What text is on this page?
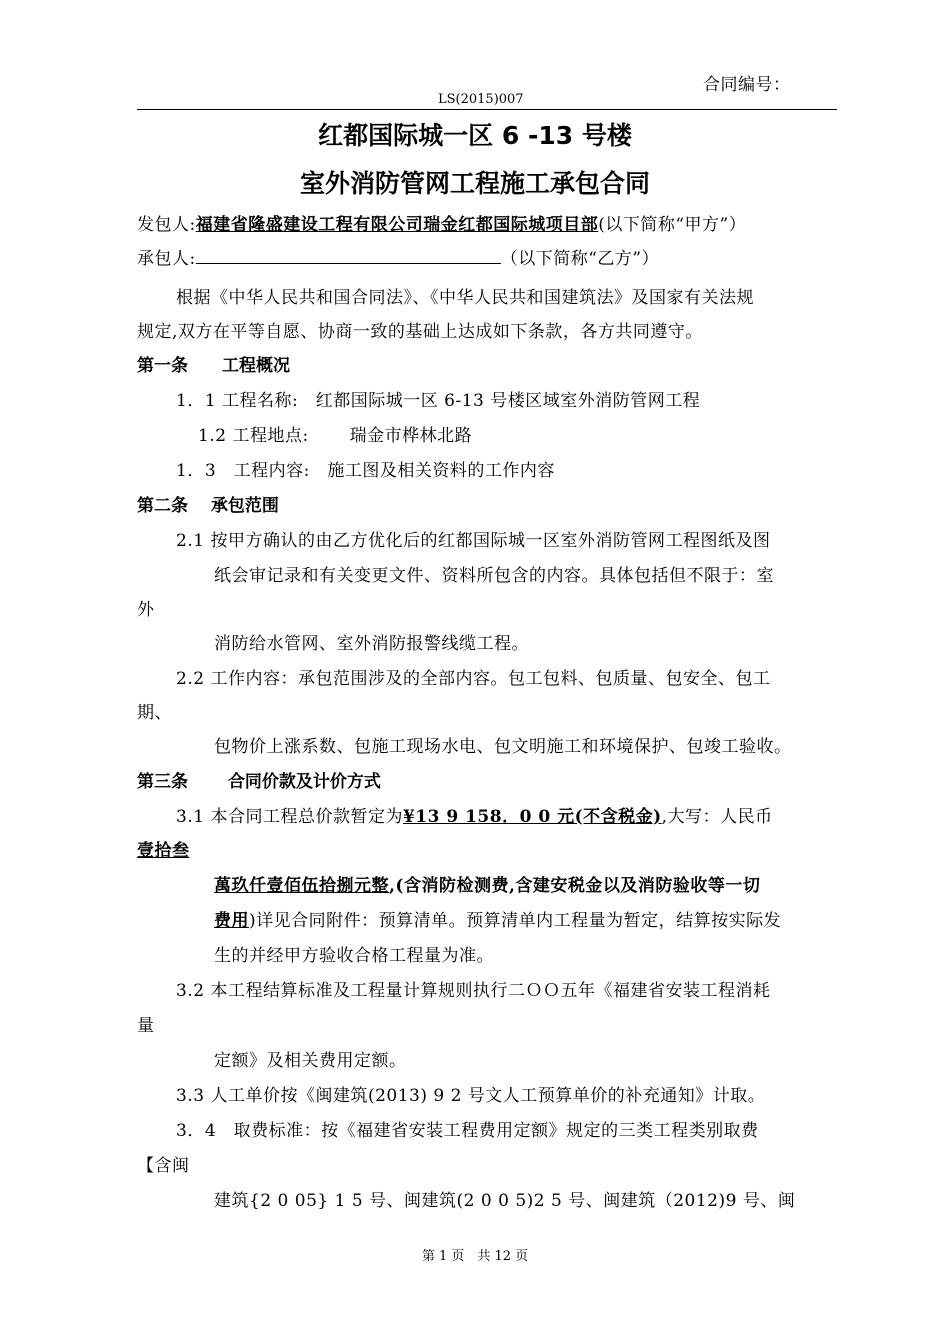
合同编号：
LS(2015)007
红都国际城一区 6 -13 号楼
室外消防管网工程施工承包合同
发包人:福建省隆盛建设工程有限公司瑞金红都国际城项目部(以下简称“甲方”）
承包人:	（以下简称“乙方”）
根据《中华人民共和国合同法》、《中华人民共和国建筑法》及国家有关法规
规定,双方在平等自愿、协商一致的基础上达成如下条款，各方共同遵守。
第一条　　工程概况
1．1 工程名称:　红都国际城一区 6-13 号楼区域室外消防管网工程
1.2 工程地点:　　 瑞金市桦林北路
1．3　工程内容:　施工图及相关资料的工作内容
第二条　 承包范围
2.1 按甲方确认的由乙方优化后的红都国际城一区室外消防管网工程图纸及图
纸会审记录和有关变更文件、资料所包含的内容。具体包括但不限于：室
外
消防给水管网、室外消防报警线缆工程。
2.2 工作内容：承包范围涉及的全部内容。包工包料、包质量、包安全、包工
期、
包物价上涨系数、包施工现场水电、包文明施工和环境保护、包竣工验收。
第三条　　 合同价款及计价方式
3.1 本合同工程总价款暂定为¥13 9 158．0 0 元(不含税金),大写：人民币
壹拾叁
萬玖仟壹佰伍拾捌元整,(含消防检测费,含建安税金以及消防验收等一切
费用)详见合同附件：预算清单。预算清单内工程量为暂定，结算按实际发
生的并经甲方验收合格工程量为准。
3.2 本工程结算标准及工程量计算规则执行二ＯＯ五年《福建省安装工程消耗
量
定额》及相关费用定额。
3.3 人工单价按《闽建筑(2013) 9 2 号文人工预算单价的补充通知》计取。
3．4　取费标准：按《福建省安装工程费用定额》规定的三类工程类别取费
【含闽
建筑{2 0 05} 1 5 号、闽建筑(2 0 0 5)2 5 号、闽建筑（2012)9 号、闽
第 1 页　共 12 页
